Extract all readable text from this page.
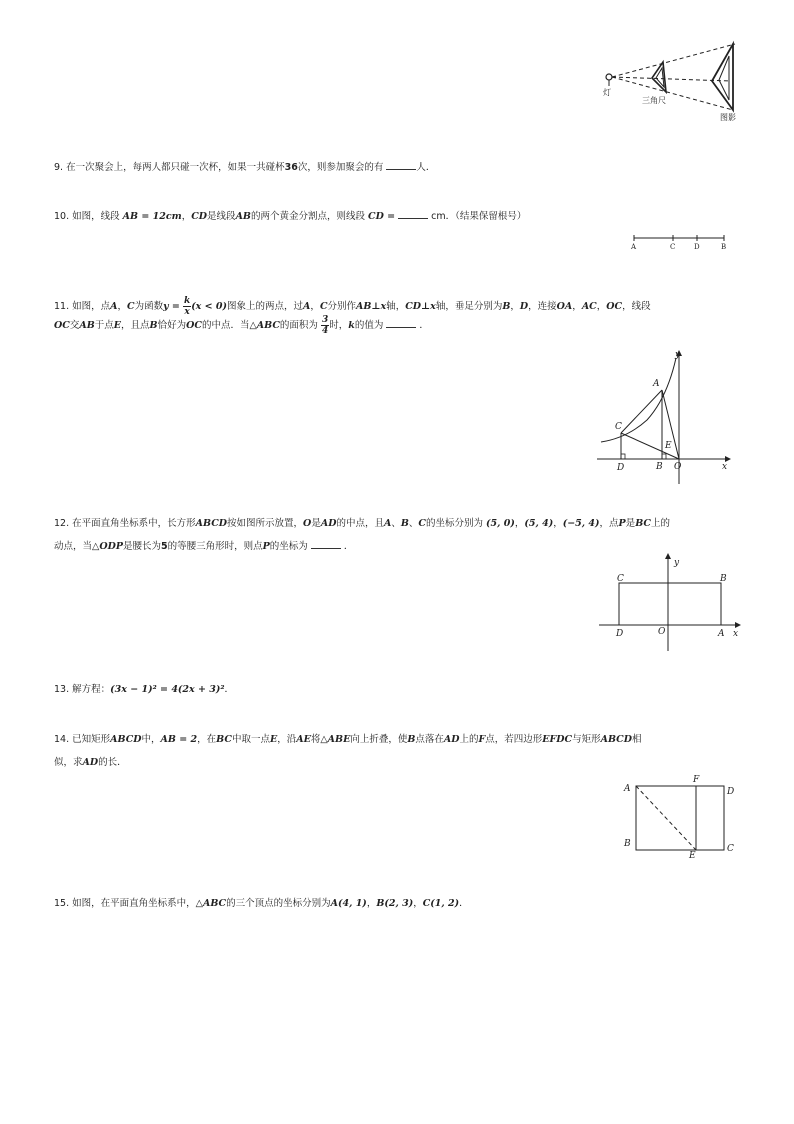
灯
三角尺
图影
9. 在一次聚会上，每两人都只碰一次杯，如果一共碰杯36次，则参加聚会的有	人．
10. 如图，线段 AB = 12cm，CD是线段AB的两个黄金分割点，则线段 CD =	cm．（结果保留根号）
A	C	D	B
11. 如图，点A，C为函数$y = \frac{k}{x} (x < 0)$图象上的两点，过A，C分别作AB⊥x轴，CD⊥x轴，垂足分别为B，D，连接OA，AC，OC，线段
OC交AB于点E，且点B恰好为OC的中点．当△ABC的面积为 $\frac{3}{4}$ 时，k的值为	．
y
x
A
C
E
D	B O
12. 在平面直角坐标系中，长方形ABCD按如图所示放置，O是AD的中点，且A、B、C的坐标分别为 (5, 0)，(5, 4)，(−5, 4)，点P是BC上的
动点，当△ODP是腰长为5的等腰三角形时，则点P的坐标为	．
C	B
y
D	O	A x
13. 解方程：(3x − 1)² = 4(2x + 3)²．
14. 已知矩形ABCD中，AB = 2，在BC中取一点E，沿AE将△ABE向上折叠，使B点落在AD上的F点，若四边形EFDC与矩形ABCD相
似，求AD的长．
A
F
D
B
E
C
15. 如图，在平面直角坐标系中，△ABC的三个顶点的坐标分别为A(4, 1)，B(2, 3)，C(1, 2)．
